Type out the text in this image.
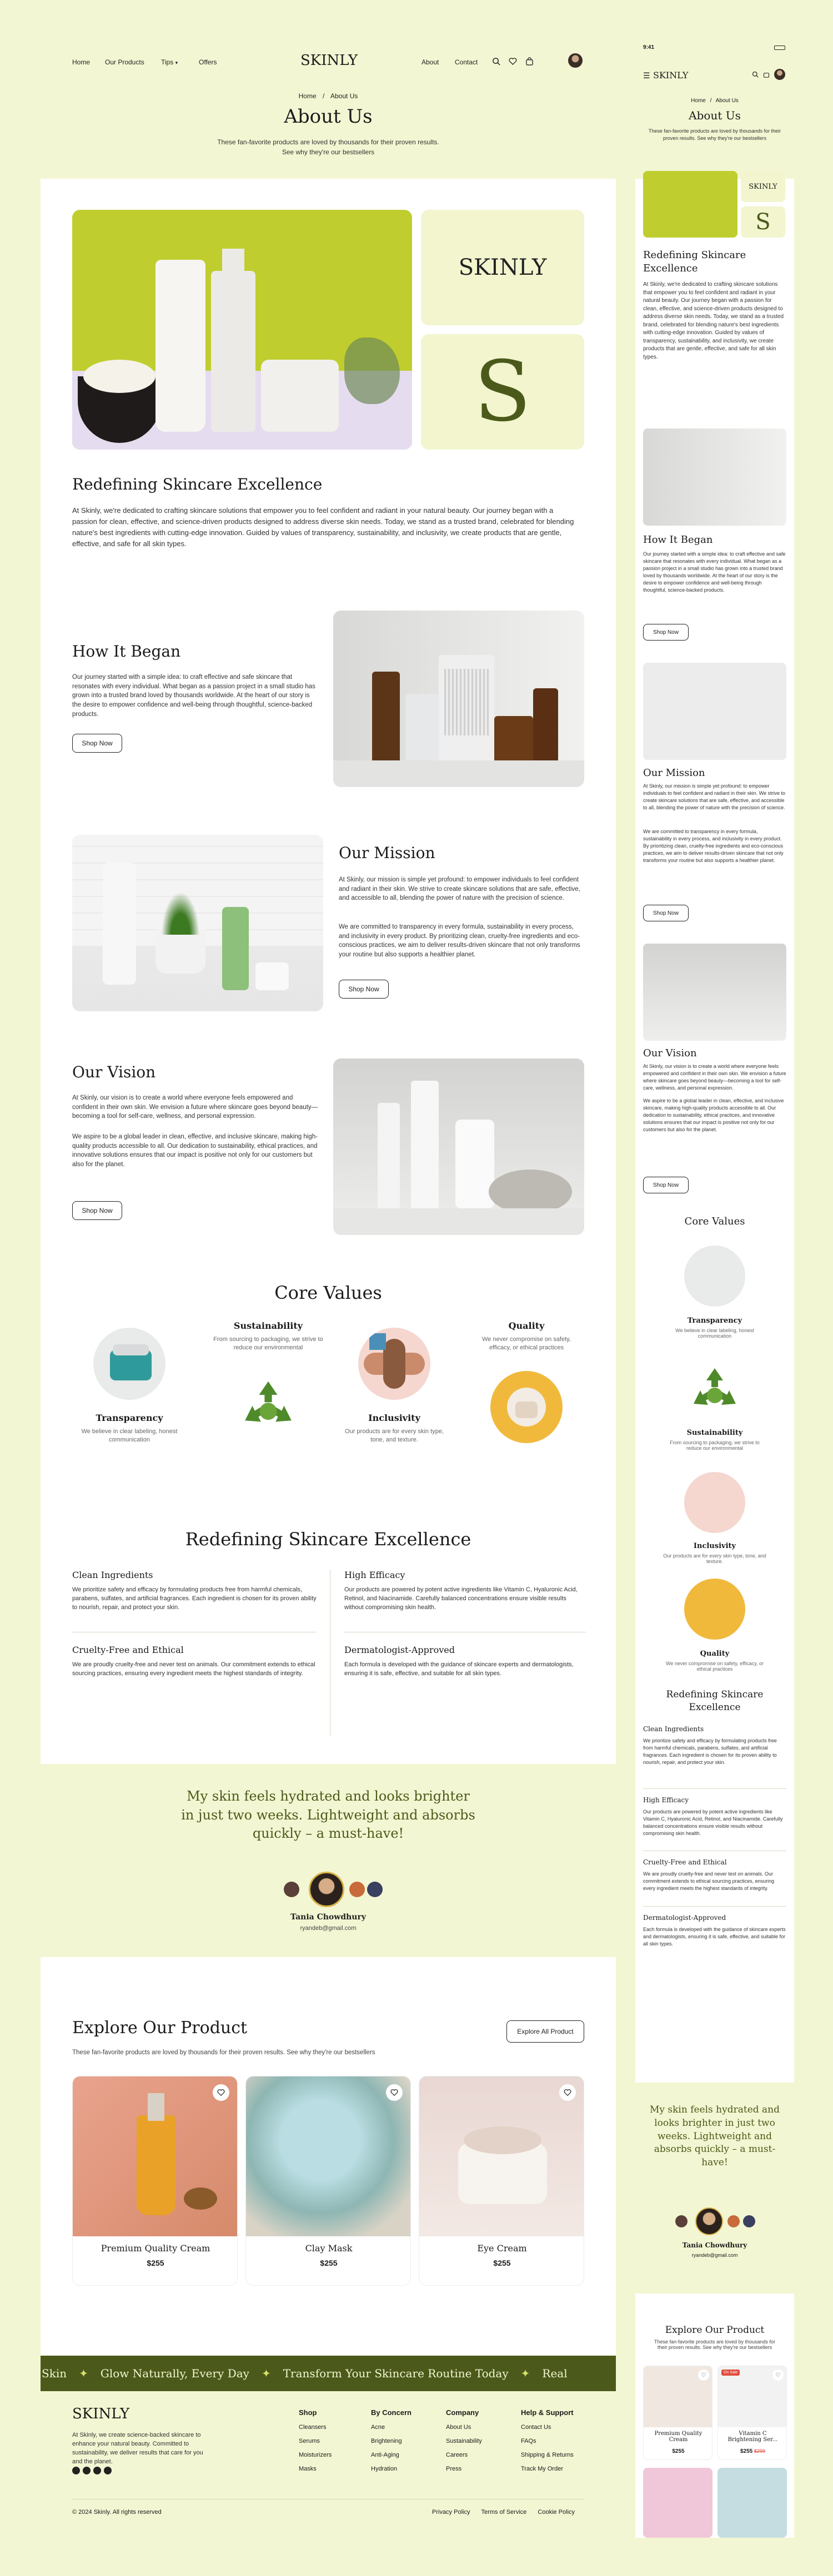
Home Our Products	Tips ▾	Offers	SKINLY	About Contact
Home / About Us
About Us
These fan-favorite products are loved by thousands for their proven results. See why they're our bestsellers
SKINLY
S
Redefining Skincare Excellence

At Skinly, we're dedicated to crafting skincare solutions that empower you to feel confident and radiant in your natural beauty. Our journey began with a passion for clean, effective, and science-driven products designed to address diverse skin needs. Today, we stand as a trusted brand, celebrated for blending nature's best ingredients with cutting-edge innovation. Guided by values of transparency, sustainability, and inclusivity, we create products that are gentle, effective, and safe for all skin types.

How It Began

Our journey started with a simple idea: to craft effective and safe skincare that resonates with every individual. What began as a passion project in a small studio has grown into a trusted brand loved by thousands worldwide. At the heart of our story is the desire to empower confidence and well-being through thoughtful, science-backed products.

Shop Now
Our Mission

At Skinly, our mission is simple yet profound: to empower individuals to feel confident and radiant in their skin. We strive to create skincare solutions that are safe, effective, and accessible to all, blending the power of nature with the precision of science.

We are committed to transparency in every formula, sustainability in every process, and inclusivity in every product. By prioritizing clean, cruelty-free ingredients and eco-conscious practices, we aim to deliver results-driven skincare that not only transforms your routine but also supports a healthier planet.

Shop Now
Our Vision

At Skinly, our vision is to create a world where everyone feels empowered and confident in their own skin. We envision a future where skincare goes beyond beauty—becoming a tool for self-care, wellness, and personal expression.

We aspire to be a global leader in clean, effective, and inclusive skincare, making high-quality products accessible to all. Our dedication to sustainability, ethical practices, and innovative solutions ensures that our impact is positive not only for our customers but also for the planet.

Shop Now
Core Values
Transparency
We believe in clear labeling, honest communication
Sustainability
From sourcing to packaging, we strive to reduce our environmental
Inclusivity
Our products are for every skin type, tone, and texture.
Quality
We never compromise on safety, efficacy, or ethical practices
Redefining Skincare Excellence
Clean Ingredients

We prioritize safety and efficacy by formulating products free from harmful chemicals, parabens, sulfates, and artificial fragrances. Each ingredient is chosen for its proven ability to nourish, repair, and protect your skin.

High Efficacy

Our products are powered by potent active ingredients like Vitamin C, Hyaluronic Acid, Retinol, and Niacinamide. Carefully balanced concentrations ensure visible results without compromising skin health.

Cruelty-Free and Ethical

We are proudly cruelty-free and never test on animals. Our commitment extends to ethical sourcing practices, ensuring every ingredient meets the highest standards of integrity.

Dermatologist-Approved

Each formula is developed with the guidance of skincare experts and dermatologists, ensuring it is safe, effective, and suitable for all skin types.

My skin feels hydrated and looks brighter in just two weeks. Lightweight and absorbs quickly – a must-have!
Tania Chowdhury
ryandeb@gmail.com
Explore Our Product
These fan-favorite products are loved by thousands for their proven results. See why they're our bestsellers
Explore All Product
Premium Quality Cream
$255
Clay Mask
$255
Eye Cream
$255
Skin ✦ Glow Naturally, Every Day ✦ Transform Your Skincare Routine Today ✦ Real
SKINLY

At Skinly, we create science-backed skincare to enhance your natural beauty. Committed to sustainability, we deliver results that care for you and the planet.

Shop
Cleansers
Serums
Moisturizers
Masks
By Concern
Acne
Brightening
Anti-Aging
Hydration
Company
About Us
Sustainability
Careers
Press
Help & Support
Contact Us
FAQs
Shipping & Returns
Track My Order
© 2024 Skinly. All rights reserved	Privacy Policy Terms of Service Cookie Policy
9:41
☰ SKINLY
Home / About Us
About Us
These fan-favorite products are loved by thousands for their proven results. See why they're our bestsellers
SKINLY
S
Redefining Skincare Excellence

At Skinly, we're dedicated to crafting skincare solutions that empower you to feel confident and radiant in your natural beauty. Our journey began with a passion for clean, effective, and science-driven products designed to address diverse skin needs. Today, we stand as a trusted brand, celebrated for blending nature's best ingredients with cutting-edge innovation. Guided by values of transparency, sustainability, and inclusivity, we create products that are gentle, effective, and safe for all skin types.

How It Began

Our journey started with a simple idea: to craft effective and safe skincare that resonates with every individual. What began as a passion project in a small studio has grown into a trusted brand loved by thousands worldwide. At the heart of our story is the desire to empower confidence and well-being through thoughtful, science-backed products.

Shop Now
Our Mission

At Skinly, our mission is simple yet profound: to empower individuals to feel confident and radiant in their skin. We strive to create skincare solutions that are safe, effective, and accessible to all, blending the power of nature with the precision of science.

We are committed to transparency in every formula, sustainability in every process, and inclusivity in every product. By prioritizing clean, cruelty-free ingredients and eco-conscious practices, we aim to deliver results-driven skincare that not only transforms your routine but also supports a healthier planet.

Shop Now
Our Vision

At Skinly, our vision is to create a world where everyone feels empowered and confident in their own skin. We envision a future where skincare goes beyond beauty—becoming a tool for self-care, wellness, and personal expression.

We aspire to be a global leader in clean, effective, and inclusive skincare, making high-quality products accessible to all. Our dedication to sustainability, ethical practices, and innovative solutions ensures that our impact is positive not only for our customers but also for the planet.

Shop Now
Core Values
Transparency
We believe in clear labeling, honest communication
Sustainability
From sourcing to packaging, we strive to reduce our environmental
Inclusivity
Our products are for every skin type, tone, and texture.
Quality
We never compromise on safety, efficacy, or ethical practices
Redefining Skincare Excellence
Clean Ingredients

We prioritize safety and efficacy by formulating products free from harmful chemicals, parabens, sulfates, and artificial fragrances. Each ingredient is chosen for its proven ability to nourish, repair, and protect your skin.

High Efficacy

Our products are powered by potent active ingredients like Vitamin C, Hyaluronic Acid, Retinol, and Niacinamide. Carefully balanced concentrations ensure visible results without compromising skin health.

Cruelty-Free and Ethical

We are proudly cruelty-free and never test on animals. Our commitment extends to ethical sourcing practices, ensuring every ingredient meets the highest standards of integrity.

Dermatologist-Approved

Each formula is developed with the guidance of skincare experts and dermatologists, ensuring it is safe, effective, and suitable for all skin types.

My skin feels hydrated and looks brighter in just two weeks. Lightweight and absorbs quickly – a must-have!
Tania Chowdhury
ryandeb@gmail.com
Explore Our Product
These fan-favorite products are loved by thousands for their proven results. See why they're our bestsellers
♡
Premium Quality Cream
$255
On Sale	♡
Vitamin C Brightening Ser...
$255 $299
